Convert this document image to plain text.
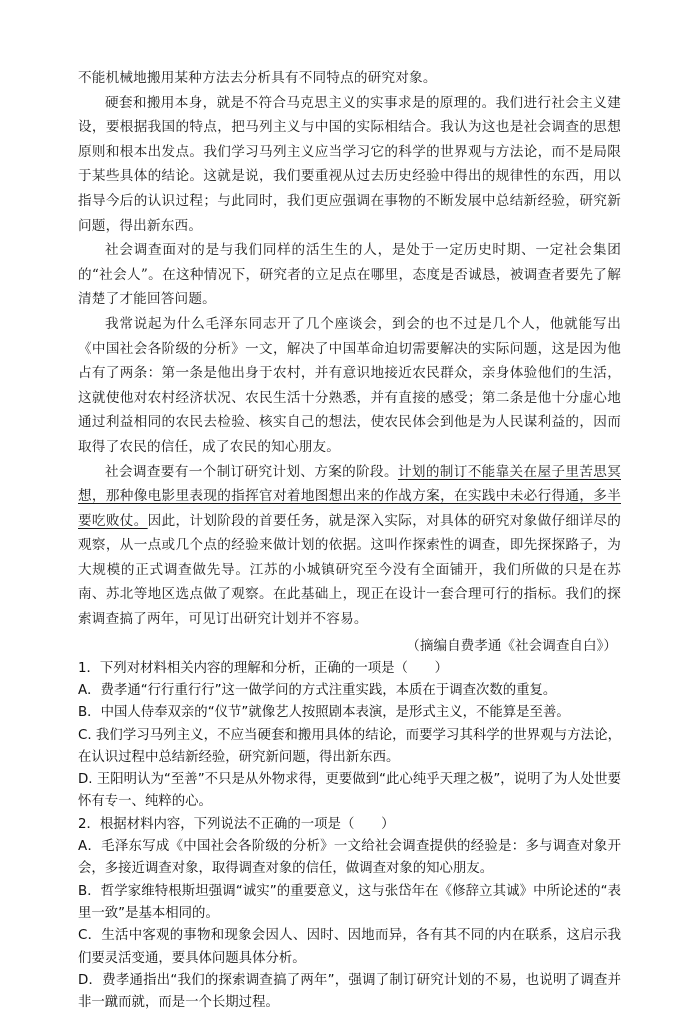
不能机械地搬用某种方法去分析具有不同特点的研究对象。

硬套和搬用本身，就是不符合马克思主义的实事求是的原理的。我们进行社会主义建设，要根据我国的特点，把马列主义与中国的实际相结合。我认为这也是社会调查的思想原则和根本出发点。我们学习马列主义应当学习它的科学的世界观与方法论，而不是局限于某些具体的结论。这就是说，我们要重视从过去历史经验中得出的规律性的东西，用以指导今后的认识过程；与此同时，我们更应强调在事物的不断发展中总结新经验，研究新问题，得出新东西。

社会调查面对的是与我们同样的活生生的人，是处于一定历史时期、一定社会集团的“社会人”。在这种情况下，研究者的立足点在哪里，态度是否诚恳，被调查者要先了解清楚了才能回答问题。

我常说起为什么毛泽东同志开了几个座谈会，到会的也不过是几个人，他就能写出《中国社会各阶级的分析》一文，解决了中国革命迫切需要解决的实际问题，这是因为他占有了两条：第一条是他出身于农村，并有意识地接近农民群众，亲身体验他们的生活，这就使他对农村经济状况、农民生活十分熟悉，并有直接的感受；第二条是他十分虚心地通过利益相同的农民去检验、核实自己的想法，使农民体会到他是为人民谋利益的，因而取得了农民的信任，成了农民的知心朋友。

社会调查要有一个制订研究计划、方案的阶段。计划的制订不能靠关在屋子里苦思冥想，那种像电影里表现的指挥官对着地图想出来的作战方案，在实践中未必行得通，多半要吃败仗。因此，计划阶段的首要任务，就是深入实际，对具体的研究对象做仔细详尽的观察，从一点或几个点的经验来做计划的依据。这叫作探索性的调查，即先探探路子，为大规模的正式调查做先导。江苏的小城镇研究至今没有全面铺开，我们所做的只是在苏南、苏北等地区选点做了观察。在此基础上，现正在设计一套合理可行的指标。我们的探索调查搞了两年，可见订出研究计划并不容易。

（摘编自费孝通《社会调查自白》）

1．下列对材料相关内容的理解和分析，正确的一项是（　　）

A．费孝通“行行重行行”这一做学问的方式注重实践，本质在于调查次数的重复。

B．中国人侍奉双亲的“仪节”就像艺人按照剧本表演，是形式主义，不能算是至善。

C. 我们学习马列主义，不应当硬套和搬用具体的结论，而要学习其科学的世界观与方法论，在认识过程中总结新经验，研究新问题，得出新东西。

D. 王阳明认为“至善”不只是从外物求得，更要做到“此心纯乎天理之极”，说明了为人处世要怀有专一、纯粹的心。

2．根据材料内容，下列说法不正确的一项是（　　）

A．毛泽东写成《中国社会各阶级的分析》一文给社会调查提供的经验是：多与调查对象开会，多接近调查对象，取得调查对象的信任，做调查对象的知心朋友。

B．哲学家维特根斯坦强调“诚实”的重要意义，这与张岱年在《修辞立其诚》中所论述的“表里一致”是基本相同的。

C．生活中客观的事物和现象会因人、因时、因地而异，各有其不同的内在联系，这启示我们要灵活变通，要具体问题具体分析。

D．费孝通指出“我们的探索调查搞了两年”，强调了制订研究计划的不易，也说明了调查并非一蹴而就，而是一个长期过程。
